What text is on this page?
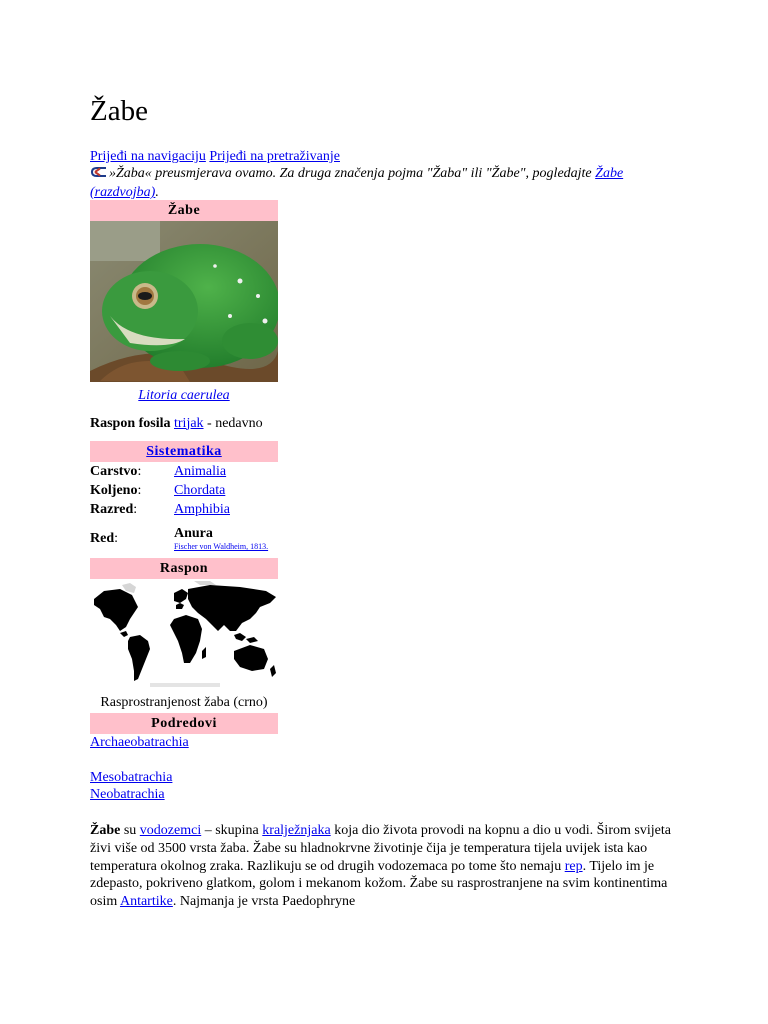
Žabe
Prijeđi na navigaciju Prijeđi na pretraživanje
»Žaba« preusmjerava ovamo. Za druga značenja pojma "Žaba" ili "Žabe", pogledajte Žabe (razdvojba).
Žabe
Litoria caerulea
Raspon fosila trijak - nedavno
Sistematika
Carstvo:	Animalia
Koljeno:	Chordata
Razred:	Amphibia
Red:	Anura
Fischer von Waldheim, 1813.
Raspon
Rasprostranjenost žaba (crno)
Podredovi
Archaeobatrachia
Mesobatrachia
Neobatrachia
Žabe su vodozemci – skupina kralježnjaka koja dio života provodi na kopnu a dio u vodi. Širom svijeta živi više od 3500 vrsta žaba. Žabe su hladnokrvne životinje čija je temperatura tijela uvijek ista kao temperatura okolnog zraka. Razlikuju se od drugih vodozemaca po tome što nemaju rep. Tijelo im je zdepasto, pokriveno glatkom, golom i mekanom kožom. Žabe su rasprostranjene na svim kontinentima osim Antartike. Najmanja je vrsta Paedophryne
